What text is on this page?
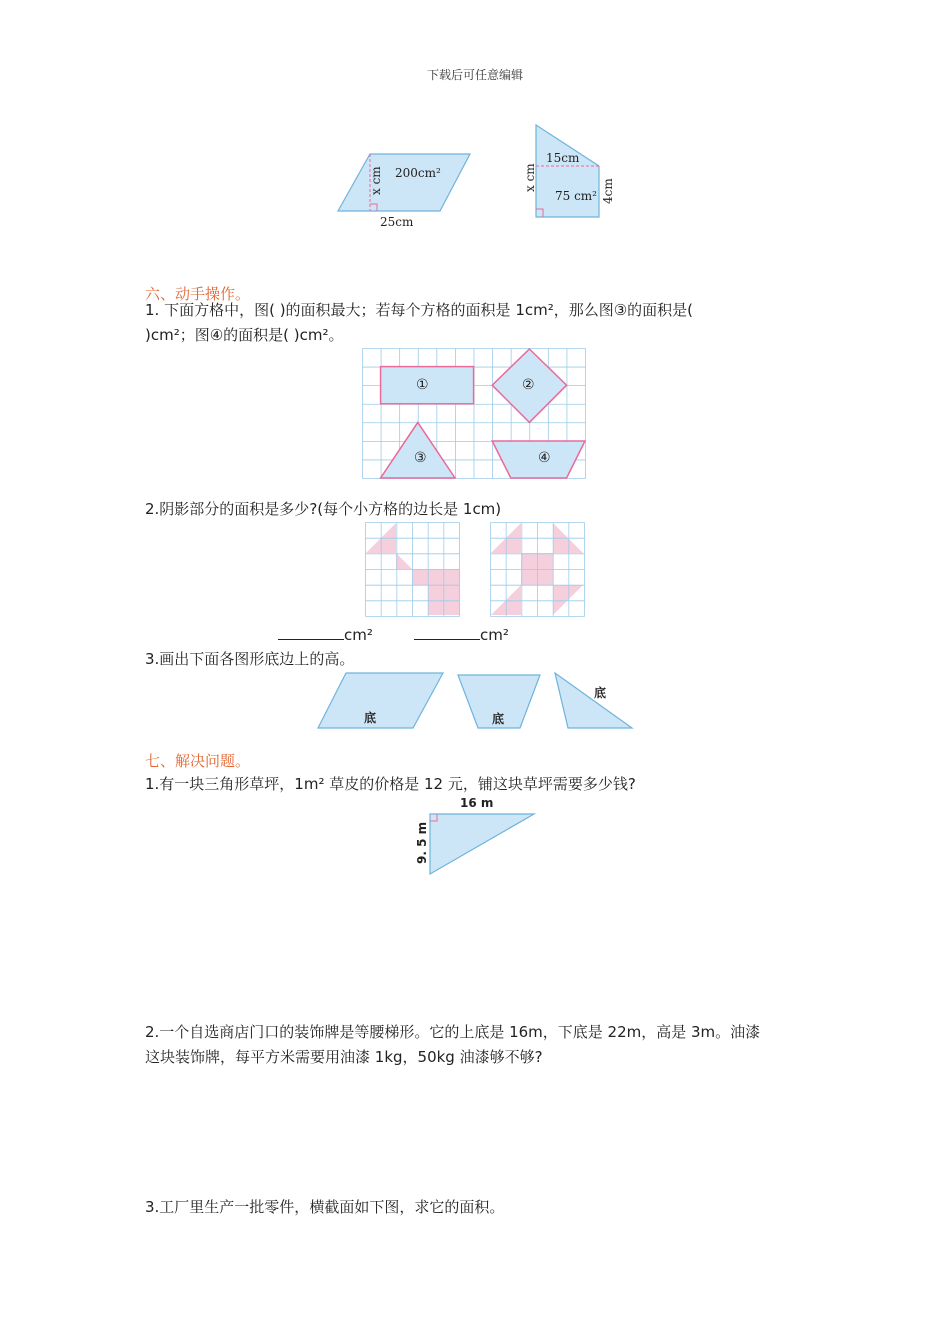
下载后可任意编辑
200cm²
x cm
25cm
15cm
x cm
75 cm² 4cm
六、动手操作。
1. 下面方格中，图( )的面积最大；若每个方格的面积是 1cm²，那么图③的面积是(
)cm²；图④的面积是( )cm²。
①	②
③	④
2.阴影部分的面积是多少?(每个小方格的边长是 1cm)
cm²	cm²
3.画出下面各图形底边上的高。
底	底
底
七、解决问题。
1.有一块三角形草坪，1m² 草皮的价格是 12 元，铺这块草坪需要多少钱?
16 m
9. 5 m
2.一个自选商店门口的装饰牌是等腰梯形。它的上底是 16m，下底是 22m，高是 3m。油漆
这块装饰牌，每平方米需要用油漆 1kg，50kg 油漆够不够?
3.工厂里生产一批零件，横截面如下图，求它的面积。
